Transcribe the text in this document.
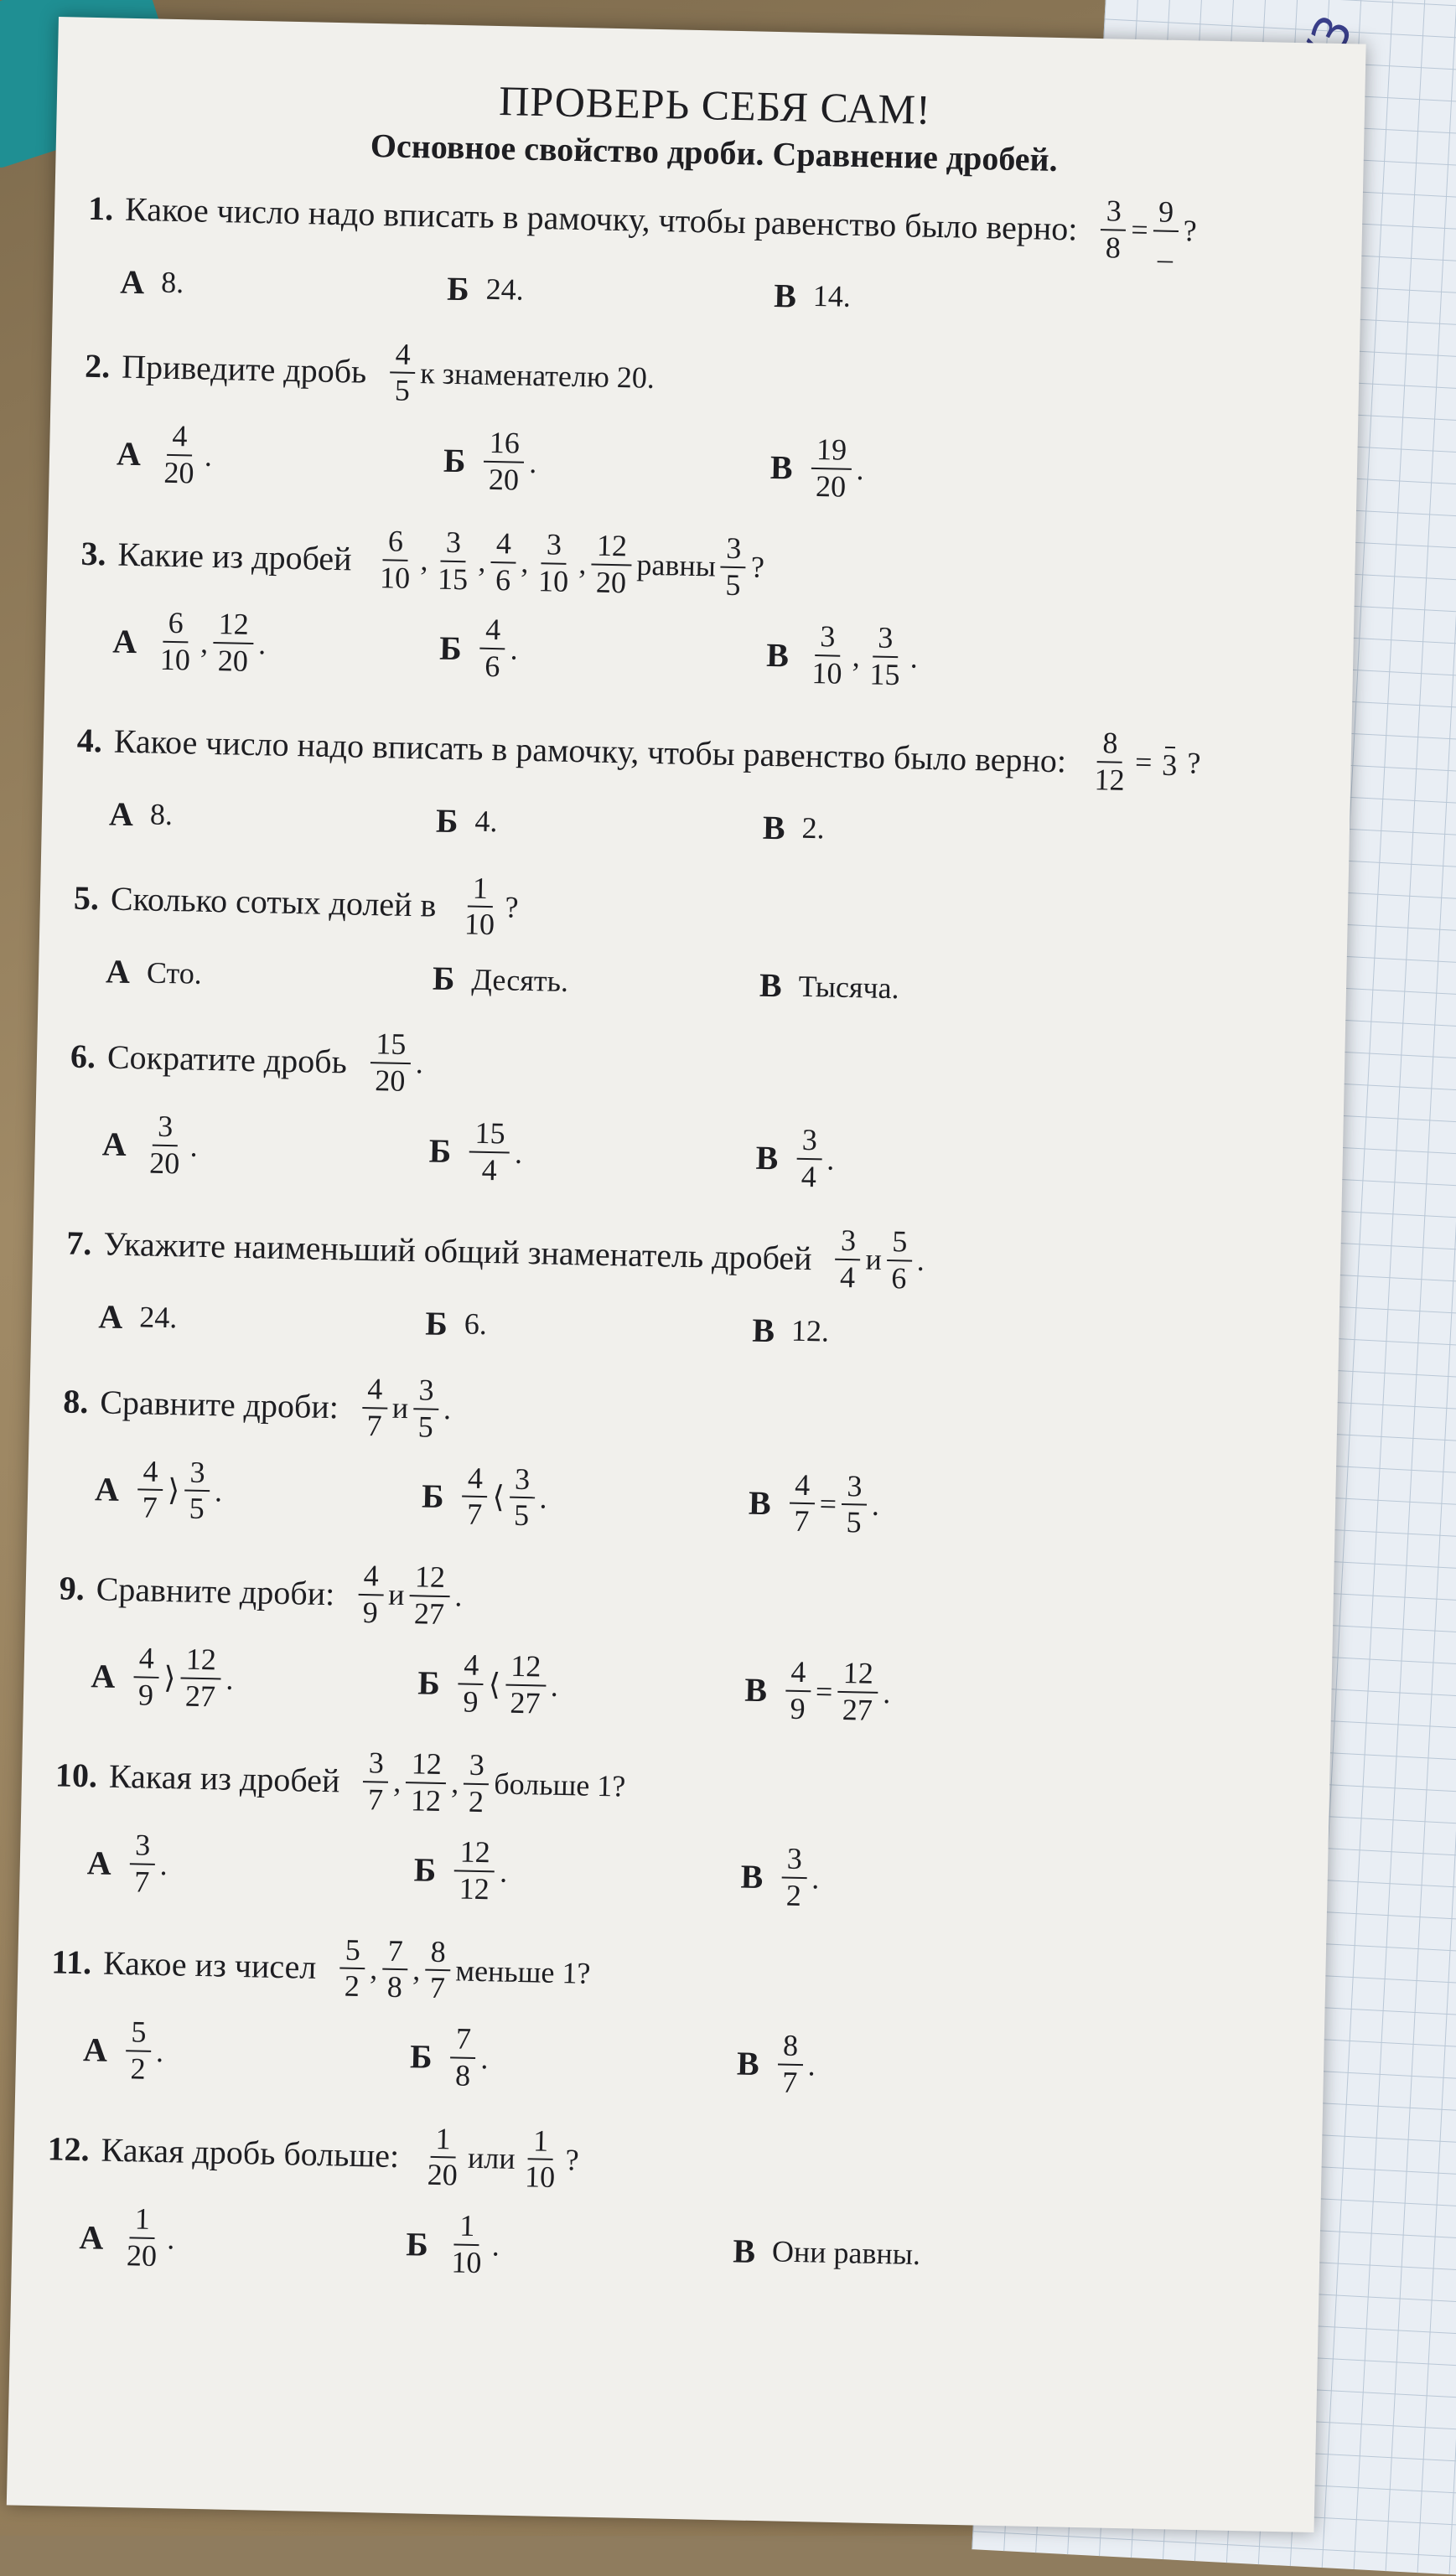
ПРОВЕРЬ СЕБЯ САМ!
Основное свойство дроби. Сравнение дробей.
1. Какое число надо вписать в рамочку, чтобы равенство было верно: $\frac{3}{8} = \frac{9}{\_}$ ?
А 8.	Б 24.	В 14.
2. Приведите дробь $\frac{4}{5}$ к знаменателю 20.
А $\frac{4}{20}$ .	Б $\frac{16}{20}$ .	В $\frac{19}{20}$ .
3. Какие из дробей $\frac{6}{10}$ , $\frac{3}{15}$ , $\frac{4}{6}$ , $\frac{3}{10}$ , $\frac{12}{20}$ равны $\frac{3}{5}$ ?
А $\frac{6}{10}$ , $\frac{12}{20}$ .	Б $\frac{4}{6}$ .	В $\frac{3}{10}$ , $\frac{3}{15}$ .
4. Какое число надо вписать в рамочку, чтобы равенство было верно: $\frac{8}{12} = 3$ ?
А 8.	Б 4.	В 2.
5. Сколько сотых долей в $\frac{1}{10}$ ?
А Сто.	Б Десять.	В Тысяча.
6. Сократите дробь $\frac{15}{20}$ .
А $\frac{3}{20}$ .	Б $\frac{15}{4}$ .	В $\frac{3}{4}$ .
7. Укажите наименьший общий знаменатель дробей $\frac{3}{4}$ и $\frac{5}{6}$ .
А 24.	Б 6.	В 12.
8. Сравните дроби: $\frac{4}{7}$ и $\frac{3}{5}$ .
А $\frac{4}{7}$ ⟩ $\frac{3}{5}$ .	Б $\frac{4}{7}$ ⟨ $\frac{3}{5}$ .	В $\frac{4}{7} = \frac{3}{5}$ .
9. Сравните дроби: $\frac{4}{9}$ и $\frac{12}{27}$ .
А $\frac{4}{9}$ ⟩ $\frac{12}{27}$ .	Б $\frac{4}{9}$ ⟨ $\frac{12}{27}$ .	В $\frac{4}{9} = \frac{12}{27}$ .
10. Какая из дробей $\frac{3}{7}$ , $\frac{12}{12}$ , $\frac{3}{2}$ больше 1?
А $\frac{3}{7}$ .	Б $\frac{12}{12}$ .	В $\frac{3}{2}$ .
11. Какое из чисел $\frac{5}{2}$ , $\frac{7}{8}$ , $\frac{8}{7}$ меньше 1?
А $\frac{5}{2}$ .	Б $\frac{7}{8}$ .	В $\frac{8}{7}$ .
12. Какая дробь больше: $\frac{1}{20}$ или $\frac{1}{10}$ ?
А $\frac{1}{20}$ .	Б $\frac{1}{10}$ .	В Они равны.
